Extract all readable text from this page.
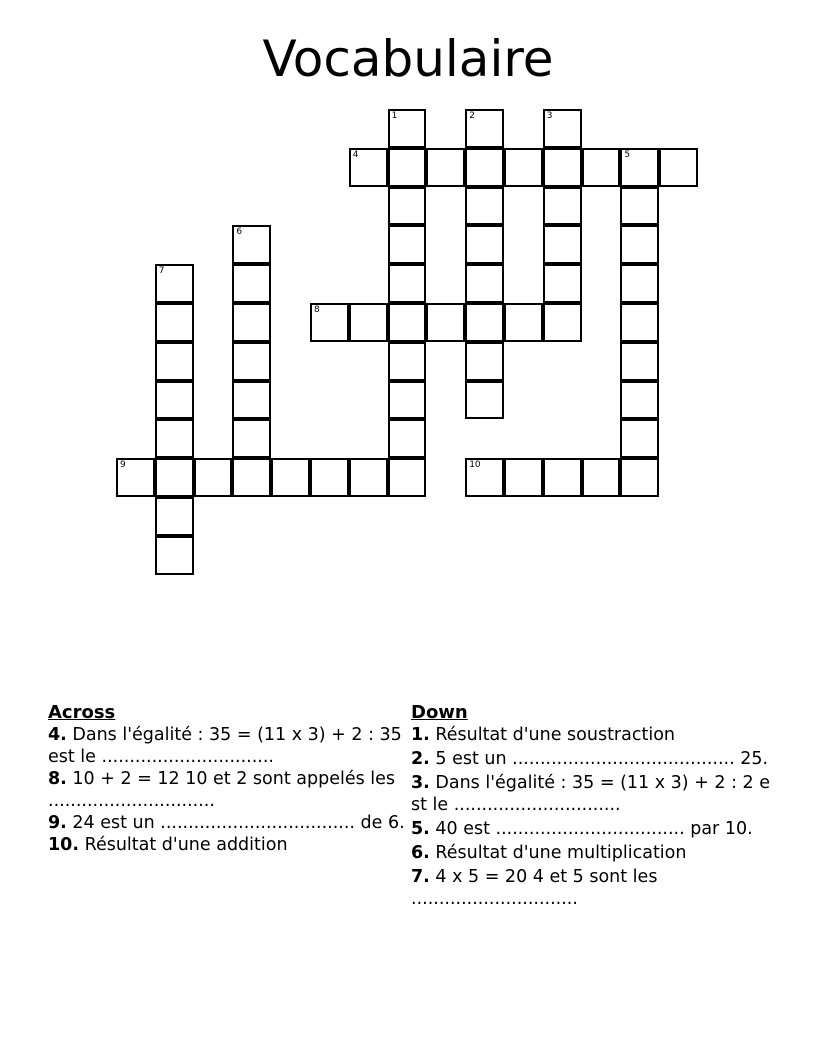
Vocabulaire
1	2	3
4	5
6
7
8
9	10
Across
4. Dans l'égalité : 35 = (11 x 3) + 2 : 35 est le ...............................
8. 10 + 2 = 12 10 et 2 sont appelés les ..............................
9. 24 est un ................................... de 6.
10. Résultat d'une addition
Down
1. Résultat d'une soustraction
2. 5 est un ........................................ 25.
3. Dans l'égalité : 35 = (11 x 3) + 2 : 2 est le ..............................
5. 40 est .................................. par 10.
6. Résultat d'une multiplication
7. 4 x 5 = 20 4 et 5 sont les ..............................
